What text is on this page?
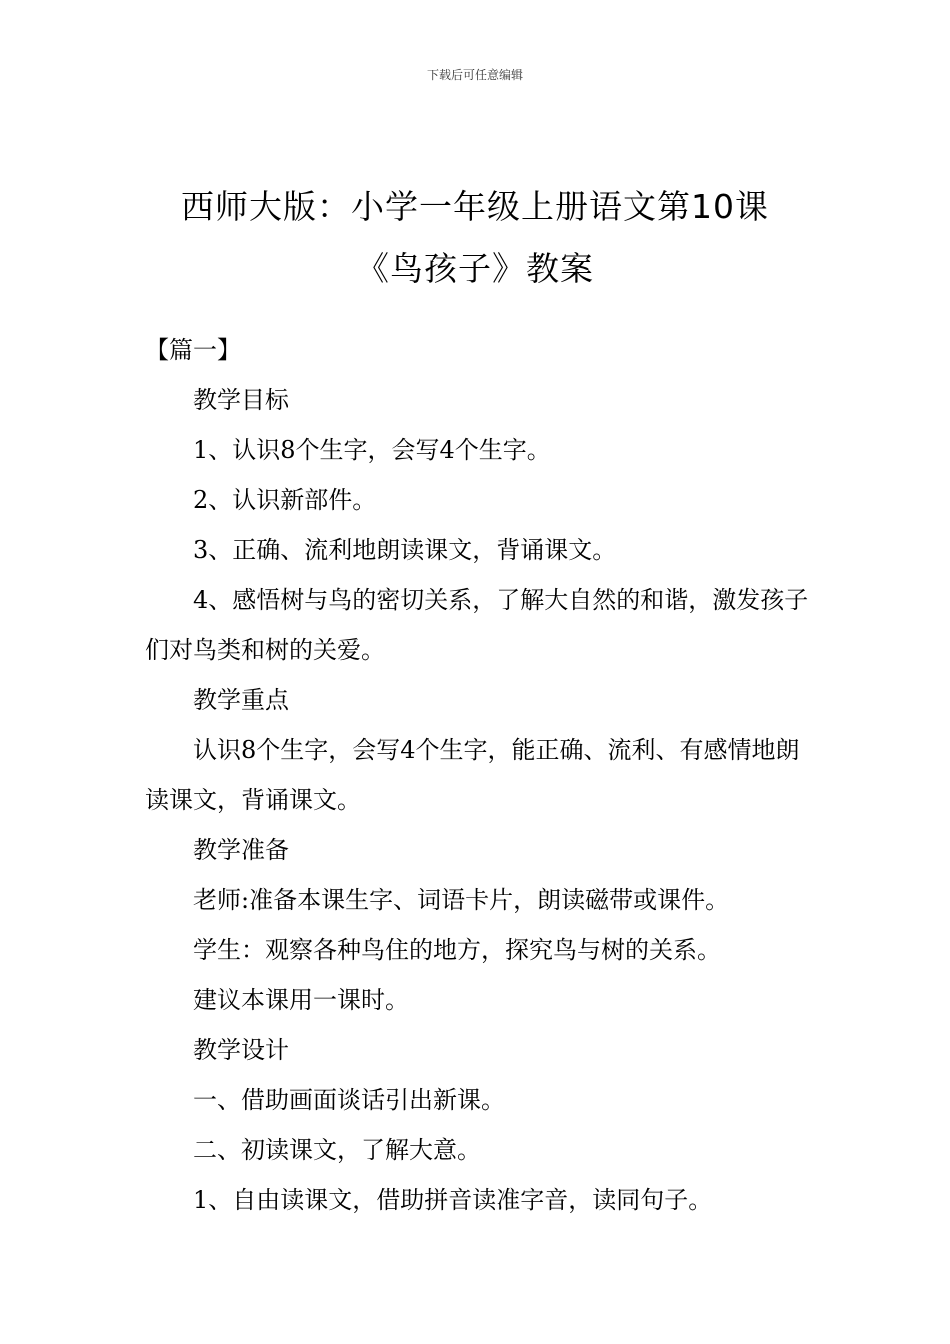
下载后可任意编辑
西师大版：小学一年级上册语文第10课
《鸟孩子》教案

【篇一】

教学目标

1、认识8个生字，会写4个生字。

2、认识新部件。

3、正确、流利地朗读课文，背诵课文。

4、感悟树与鸟的密切关系，了解大自然的和谐，激发孩子们对鸟类和树的关爱。

教学重点

认识8个生字，会写4个生字，能正确、流利、有感情地朗读课文，背诵课文。

教学准备

老师:准备本课生字、词语卡片，朗读磁带或课件。

学生：观察各种鸟住的地方，探究鸟与树的关系。

建议本课用一课时。

教学设计

一、借助画面谈话引出新课。

二、初读课文，了解大意。

1、自由读课文，借助拼音读准字音，读同句子。
